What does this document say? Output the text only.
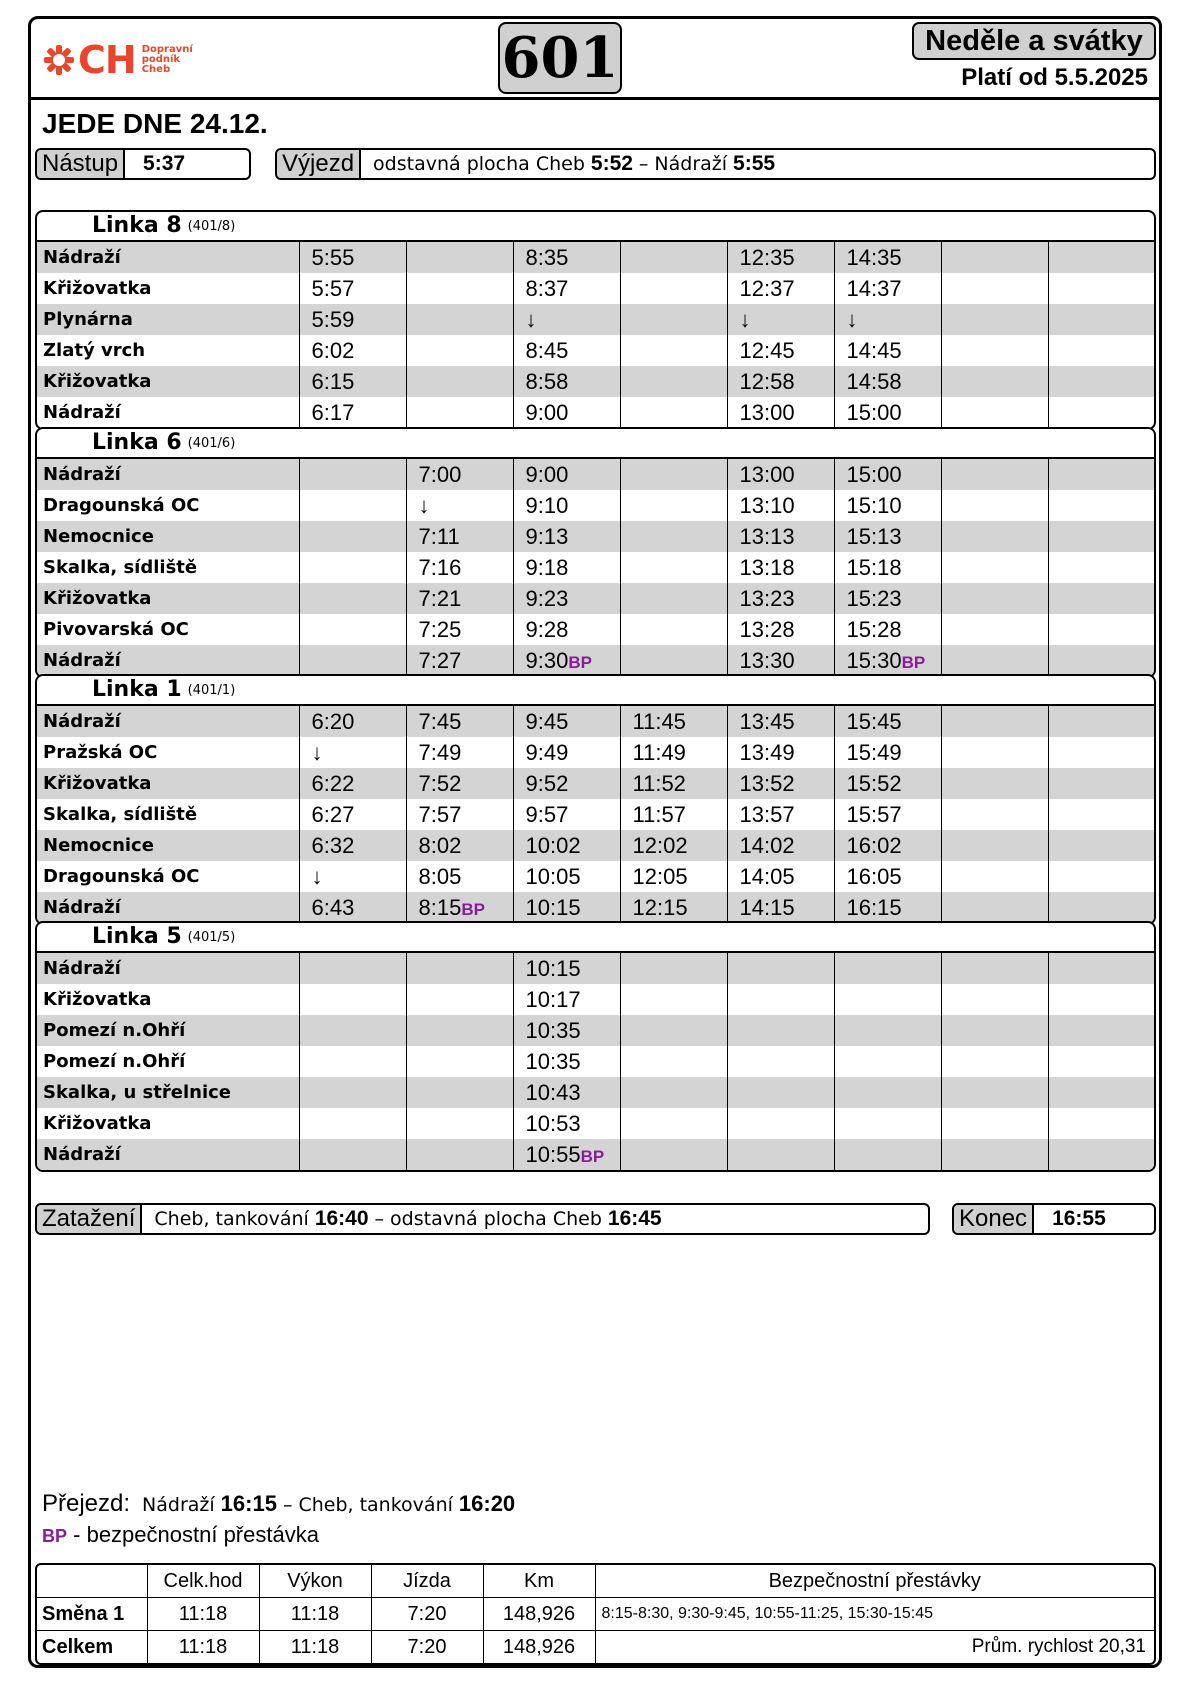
CH Dopravní
podník
Cheb	601	Neděle a svátky
Platí od 5.5.2025
JEDE DNE 24.12.
Nástup	5:37	Výjezd	odstavná plocha Cheb 5:52 – Nádraží 5:55
Linka 8 (401/8)
Nádraží	5:55		8:35		12:35	14:35		
Křižovatka	5:57		8:37		12:37	14:37		
Plynárna	5:59		↓		↓	↓		
Zlatý vrch	6:02		8:45		12:45	14:45		
Křižovatka	6:15		8:58		12:58	14:58		
Nádraží	6:17		9:00		13:00	15:00		
Linka 6 (401/6)
Nádraží		7:00	9:00		13:00	15:00		
Dragounská OC		↓	9:10		13:10	15:10		
Nemocnice		7:11	9:13		13:13	15:13		
Skalka, sídliště		7:16	9:18		13:18	15:18		
Křižovatka		7:21	9:23		13:23	15:23		
Pivovarská OC		7:25	9:28		13:28	15:28		
Nádraží		7:27	9:30BP		13:30	15:30BP		
Linka 1 (401/1)
Nádraží	6:20	7:45	9:45	11:45	13:45	15:45		
Pražská OC	↓	7:49	9:49	11:49	13:49	15:49		
Křižovatka	6:22	7:52	9:52	11:52	13:52	15:52		
Skalka, sídliště	6:27	7:57	9:57	11:57	13:57	15:57		
Nemocnice	6:32	8:02	10:02	12:02	14:02	16:02		
Dragounská OC	↓	8:05	10:05	12:05	14:05	16:05		
Nádraží	6:43	8:15BP	10:15	12:15	14:15	16:15		
Linka 5 (401/5)
Nádraží			10:15					
Křižovatka			10:17					
Pomezí n.Ohří			10:35					
Pomezí n.Ohří			10:35					
Skalka, u střelnice			10:43					
Křižovatka			10:53					
Nádraží			10:55BP					
Zatažení	Cheb, tankování 16:40 – odstavná plocha Cheb 16:45	Konec	16:55
Přejezd: Nádraží 16:15 – Cheb, tankování 16:20
BP - bezpečnostní přestávka
	Celk.hod	Výkon	Jízda	Km	Bezpečnostní přestávky
Směna 1	11:18	11:18	7:20	148,926	8:15-8:30, 9:30-9:45, 10:55-11:25, 15:30-15:45
Celkem	11:18	11:18	7:20	148,926	Prům. rychlost 20,31
